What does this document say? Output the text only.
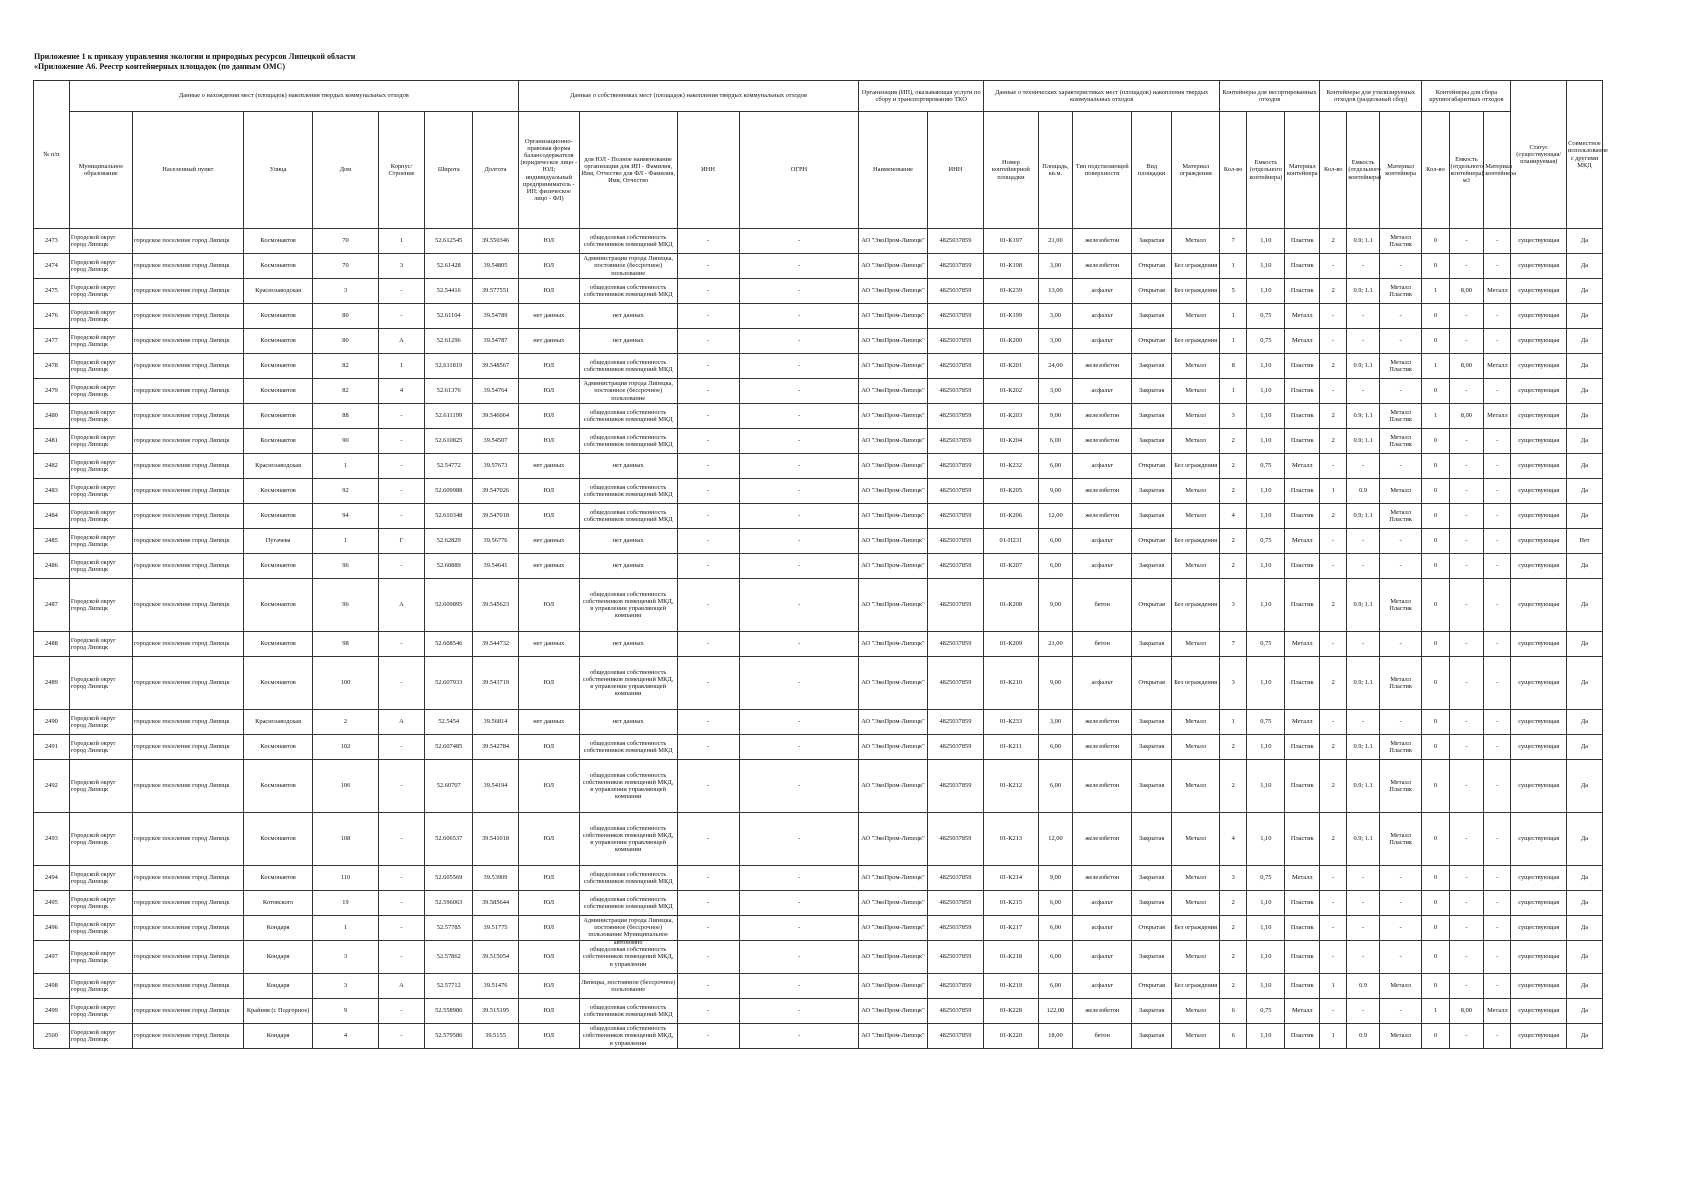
Приложение 1 к приказу управления экологии и природных ресурсов Липецкой области
«Приложение А6. Реестр контейнерных площадок (по данным ОМС)
№ п/п	Данные о нахождении мест (площадок) накопления твердых коммунальных отходов							Данные о собственниках мест (площадок) накопления твердых коммунальных отходов				Организация (ИП), оказывающая услуги по сбору и транспортированию ТКО		Данные о технических характеристиках мест (площадок) накопления твердых коммунальных отходов					Контейнеры для несортированных отходов			Контейнеры для утилизируемых отходов (раздельный сбор)			Контейнеры для сбора крупногабаритных отходов			Статус (существующая/ планируемая)	Совместное использование с другими МКД
	Муниципальное образование	Населенный пункт	Улица	Дом	Корпус/Строение	Широта	Долгота	Организационно-правовая форма балансодержателя (юридическое лицо - ЮЛ; индивидуальный предприниматель - ИП; физическое лицо - ФЛ)	для ЮЛ - Полное наименование организации для ИП - Фамилия, Имя, Отчество для ФЛ - Фамилия, Имя, Отчество	ИНН	ОГРН	Наименование	ИНН	Номер контейнерной площадки	Площадь, кв.м.	Тип подстилающей поверхности	Вид площадки	Материал ограждения	Кол-во	Емкость (отдельного контейнера)	Материал контейнера	Кол-во	Емкость (отдельного контейнера)	Материал контейнера	Кол-во	Емкость (отдельного контейнера) м3	Материал контейнера		
2473	Городской округ город Липецк	городское поселение город Липецк	Космонавтов	70	1	52.612545	39.550346	ЮЛ	общедолевая собственность собственников помещений МКД	-	-	АО "ЭкоПром-Липецк"	4825037859	01-К197	21,00	железобетон	Закрытая	Металл	7	1,10	Пластик	2	0.9; 1.1	Металл Пластик	0	-	-	существующая	Да
2474	Городской округ город Липецк	городское поселение город Липецк	Космонавтов	70	3	52.61428	39.54805	ЮЛ	Администрация города Липецка, постоянное (бессрочное) пользование	-	-	АО "ЭкоПром-Липецк"	4825037859	01-К198	3,00	железобетон	Открытая	Без ограждения	1	1,10	Пластик	-	-	-	0	-	-	существующая	Да
2475	Городской округ город Липецк	городское поселение город Липецк	Краснозаводская	3	-	52.54416	39.577551	ЮЛ	общедолевая собственность собственников помещений МКД	-	-	АО "ЭкоПром-Липецк"	4825037859	01-К239	13,00	асфальт	Открытая	Без ограждения	5	1,10	Пластик	2	0.9; 1.1	Металл Пластик	1	8,00	Металл	существующая	Да
2476	Городской округ город Липецк	городское поселение город Липецк	Космонавтов	80	-	52.61104	39.54789	нет данных	нет данных	-	-	АО "ЭкоПром-Липецк"	4825037859	01-К199	3,00	асфальт	Закрытая	Металл	1	0,75	Металл	-	-	-	0	-	-	существующая	Да
2477	Городской округ город Липецк	городское поселение город Липецк	Космонавтов	80	А	52.61296	39.54787	нет данных	нет данных	-	-	АО "ЭкоПром-Липецк"	4825037859	01-К200	3,00	асфальт	Открытая	Без ограждения	1	0,75	Металл	-	-	-	0	-	-	существующая	Да
2478	Городской округ город Липецк	городское поселение город Липецк	Космонавтов	82	1	52.611819	39.548567	ЮЛ	общедолевая собственность собственников помещений МКД	-	-	АО "ЭкоПром-Липецк"	4825037859	01-К201	24,00	железобетон	Закрытая	Металл	8	1,10	Пластик	2	0.9; 1.1	Металл Пластик	1	8,00	Металл	существующая	Да
2479	Городской округ город Липецк	городское поселение город Липецк	Космонавтов	82	4	52.61376	39.54764	ЮЛ	Администрация города Липецка, постоянное (бессрочное) пользование	-	-	АО "ЭкоПром-Липецк"	4825037859	01-К202	3,00	асфальт	Закрытая	Металл	1	1,10	Пластик	-	-	-	0	-	-	существующая	Да
2480	Городской округ город Липецк	городское поселение город Липецк	Космонавтов	88	-	52.611199	39.546064	ЮЛ	общедолевая собственность собственников помещений МКД	-	-	АО "ЭкоПром-Липецк"	4825037859	01-К203	9,00	железобетон	Закрытая	Металл	3	1,10	Пластик	2	0.9; 1.1	Металл Пластик	1	8,00	Металл	существующая	Да
2481	Городской округ город Липецк	городское поселение город Липецк	Космонавтов	90	-	52.610825	39.54507	ЮЛ	общедолевая собственность собственников помещений МКД	-	-	АО "ЭкоПром-Липецк"	4825037859	01-К204	6,00	железобетон	Закрытая	Металл	2	1,10	Пластик	2	0.9; 1.1	Металл Пластик	0	-	-	существующая	Да
2482	Городской округ город Липецк	городское поселение город Липецк	Краснозаводская	1	-	52.54772	39.57673	нет данных	нет данных	-	-	АО "ЭкоПром-Липецк"	4825037859	01-К232	6,00	асфальт	Открытая	Без ограждения	2	0,75	Металл	-	-	-	0	-	-	существующая	Да
2483	Городской округ город Липецк	городское поселение город Липецк	Космонавтов	92	-	52.609988	39.547026	ЮЛ	общедолевая собственность собственников помещений МКД	-	-	АО "ЭкоПром-Липецк"	4825037859	01-К205	9,00	железобетон	Закрытая	Металл	2	1,10	Пластик	1	0.9	Металл	0	-	-	существующая	Да
2484	Городской округ город Липецк	городское поселение город Липецк	Космонавтов	94	-	52.610348	39.547018	ЮЛ	общедолевая собственность собственников помещений МКД	-	-	АО "ЭкоПром-Липецк"	4825037859	01-К206	12,00	железобетон	Закрытая	Металл	4	1,10	Пластик	2	0.9; 1.1	Металл Пластик	0	-	-	существующая	Да
2485	Городской округ город Липецк	городское поселение город Липецк	Пугачева	1	Г	52.62829	39.56776	нет данных	нет данных	-	-	АО "ЭкоПром-Липецк"	4825037859	01-П231	6,00	асфальт	Открытая	Без ограждения	2	0,75	Металл	-	-	-	0	-	-	существующая	Нет
2486	Городской округ город Липецк	городское поселение город Липецк	Космонавтов	96	-	52.60889	39.54641	нет данных	нет данных	-	-	АО "ЭкоПром-Липецк"	4825037859	01-К207	6,00	асфальт	Закрытая	Металл	2	1,10	Пластик	-	-	-	0	-	-	существующая	Да
2487	Городской округ город Липецк	городское поселение город Липецк	Космонавтов	96	А	52.609895	39.545623	ЮЛ	общедолевая собственность собственников помещений МКД, в управлении управляющей компании	-	-	АО "ЭкоПром-Липецк"	4825037859	01-К208	9,00	бетон	Открытая	Без ограждения	3	1,10	Пластик	2	0.9; 1.1	Металл Пластик	0	-	-	существующая	Да
2488	Городской округ город Липецк	городское поселение город Липецк	Космонавтов	98	-	52.608546	39.544732	нет данных	нет данных	-	-	АО "ЭкоПром-Липецк"	4825037859	01-К209	21,00	бетон	Закрытая	Металл	7	0,75	Металл	-	-	-	0	-	-	существующая	Да
2489	Городской округ город Липецк	городское поселение город Липецк	Космонавтов	100	-	52.607933	39.543719	ЮЛ	общедолевая собственность собственников помещений МКД, в управлении управляющей компании	-	-	АО "ЭкоПром-Липецк"	4825037859	01-К210	9,00	асфальт	Открытая	Без ограждения	3	1,10	Пластик	2	0.9; 1.1	Металл Пластик	0	-	-	существующая	Да
2490	Городской округ город Липецк	городское поселение город Липецк	Краснозаводская	2	А	52.5454	39.56814	нет данных	нет данных	-	-	АО "ЭкоПром-Липецк"	4825037859	01-К233	3,00	железобетон	Закрытая	Металл	1	0,75	Металл	-	-	-	0	-	-	существующая	Да
2491	Городской округ город Липецк	городское поселение город Липецк	Космонавтов	102	-	52.607485	39.542784	ЮЛ	общедолевая собственность собственников помещений МКД	-	-	АО "ЭкоПром-Липецк"	4825037859	01-К211	6,00	железобетон	Закрытая	Металл	2	1,10	Пластик	2	0.9; 1.1	Металл Пластик	0	-	-	существующая	Да
2492	Городской округ город Липецк	городское поселение город Липецк	Космонавтов	106	-	52.60707	39.54194	ЮЛ	общедолевая собственность собственников помещений МКД, в управлении управляющей компании	-	-	АО "ЭкоПром-Липецк"	4825037859	01-К212	6,00	железобетон	Закрытая	Металл	2	1,10	Пластик	2	0.9; 1.1	Металл Пластик	0	-	-	существующая	Да
2493	Городской округ город Липецк	городское поселение город Липецк	Космонавтов	108	-	52.606537	39.541018	ЮЛ	общедолевая собственность собственников помещений МКД, в управлении управляющей компании	-	-	АО "ЭкоПром-Липецк"	4825037859	01-К213	12,00	железобетон	Закрытая	Металл	4	1,10	Пластик	2	0.9; 1.1	Металл Пластик	0	-	-	существующая	Да
2494	Городской округ город Липецк	городское поселение город Липецк	Космонавтов	110	-	52.605569	39.53909	ЮЛ	общедолевая собственность собственников помещений МКД	-	-	АО "ЭкоПром-Липецк"	4825037859	01-К214	9,00	железобетон	Закрытая	Металл	3	0,75	Металл	-	-	-	0	-	-	существующая	Да
2495	Городской округ город Липецк	городское поселение город Липецк	Котовского	19	-	52.596063	39.585644	ЮЛ	общедолевая собственность собственников помещений МКД	-	-	АО "ЭкоПром-Липецк"	4825037859	01-К215	6,00	асфальт	Закрытая	Металл	2	1,10	Пластик	-	-	-	0	-	-	существующая	Да
2496	Городской округ город Липецк	городское поселение город Липецк	Кондаря	1	-	52.57785	39.51775	ЮЛ	Администрация города Липецка, постоянное (бессрочное) пользование Муниципальное автономно	-	-	АО "ЭкоПром-Липецк"	4825037859	01-К217	6,00	асфальт	Открытая	Без ограждения	2	1,10	Пластик	-	-	-	0	-	-	существующая	Да
2497	Городской округ город Липецк	городское поселение город Липецк	Кондаря	3	-	52.57862	39.515054	ЮЛ	общедолевая собственность собственников помещений МКД, в управлении	-	-	АО "ЭкоПром-Липецк"	4825037859	01-К218	6,00	асфальт	Закрытая	Металл	2	1,10	Пластик	-	-	-	0	-	-	существующая	Да
2498	Городской округ город Липецк	городское поселение город Липецк	Кондаря	3	А	52.57712	39.51476	ЮЛ	Липецка, постоянное (бессрочное) пользование	-	-	АО "ЭкоПром-Липецк"	4825037859	01-К219	6,00	асфальт	Открытая	Без ограждения	2	1,10	Пластик	1	0.9	Металл	0	-	-	существующая	Да
2499	Городской округ город Липецк	городское поселение город Липецк	Крайняя (с Подгорное)	9	-	52.558986	39.515195	ЮЛ	общедолевая собственность собственников помещений МКД	-	-	АО "ЭкоПром-Липецк"	4825037859	01-К228	122,00	железобетон	Закрытая	Металл	6	0,75	Металл	-	-	-	1	8,00	Металл	существующая	Да
2500	Городской округ город Липецк	городское поселение город Липецк	Кондаря	4	-	52.579586	39.5155	ЮЛ	общедолевая собственность собственников помещений МКД, в управлении	-	-	АО "ЭкоПром-Липецк"	4825037859	01-К220	18,00	бетон	Закрытая	Металл	6	1,10	Пластик	1	0.9	Металл	0	-	-	существующая	Да
